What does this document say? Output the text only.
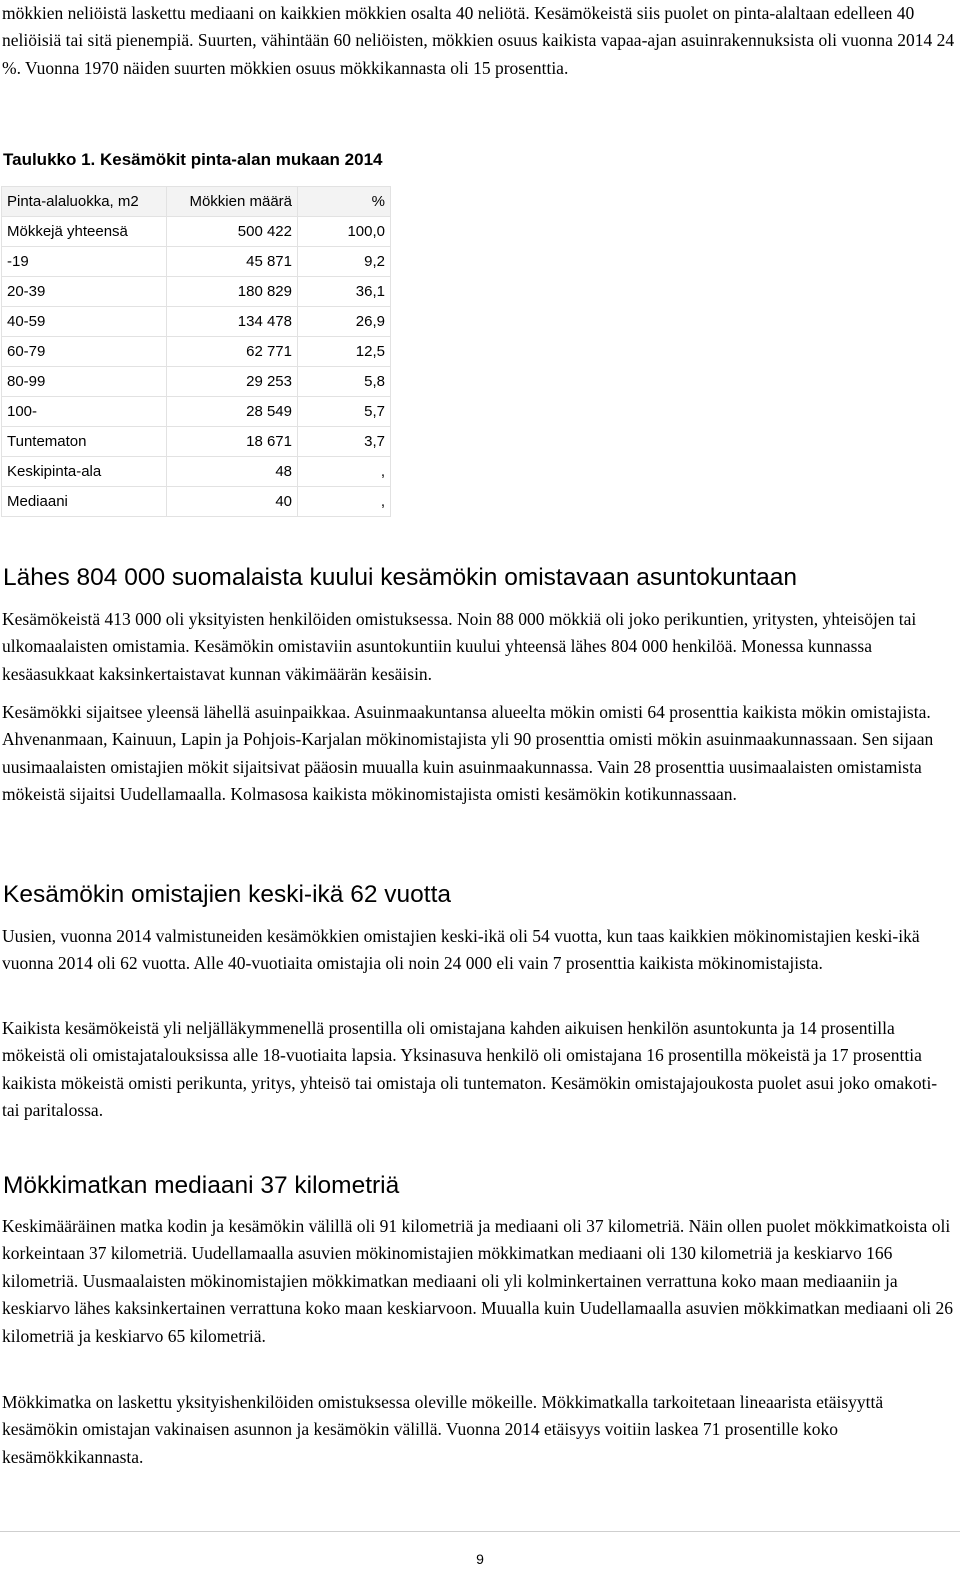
mökkien neliöistä laskettu mediaani on kaikkien mökkien osalta 40 neliötä. Kesämökeistä siis puolet on pinta-alaltaan edelleen 40 neliöisiä tai sitä pienempiä. Suurten, vähintään 60 neliöisten, mökkien osuus kaikista vapaa-ajan asuinrakennuksista oli vuonna 2014 24 %. Vuonna 1970 näiden suurten mökkien osuus mökkikannasta oli 15 prosenttia.

Taulukko 1. Kesämökit pinta-alan mukaan 2014

Pinta-alaluokka, m2	Mökkien määrä	%
Mökkejä yhteensä	500 422	100,0
-19	45 871	9,2
20-39	180 829	36,1
40-59	134 478	26,9
60-79	62 771	12,5
80-99	29 253	5,8
100-	28 549	5,7
Tuntematon	18 671	3,7
Keskipinta-ala	48	,
Mediaani	40	,
Lähes 804 000 suomalaista kuului kesämökin omistavaan asuntokuntaan

Kesämökeistä 413 000 oli yksityisten henkilöiden omistuksessa. Noin 88 000 mökkiä oli joko perikuntien, yritysten, yhteisöjen tai ulkomaalaisten omistamia. Kesämökin omistaviin asuntokuntiin kuului yhteensä lähes 804 000 henkilöä. Monessa kunnassa kesäasukkaat kaksinkertaistavat kunnan väkimäärän kesäisin.

Kesämökki sijaitsee yleensä lähellä asuinpaikkaa. Asuinmaakuntansa alueelta mökin omisti 64 prosenttia kaikista mökin omistajista. Ahvenanmaan, Kainuun, Lapin ja Pohjois-Karjalan mökinomistajista yli 90 prosenttia omisti mökin asuinmaakunnassaan. Sen sijaan uusimaalaisten omistajien mökit sijaitsivat pääosin muualla kuin asuinmaakunnassa. Vain 28 prosenttia uusimaalaisten omistamista mökeistä sijaitsi Uudellamaalla. Kolmasosa kaikista mökinomistajista omisti kesämökin kotikunnassaan.

Kesämökin omistajien keski-ikä 62 vuotta

Uusien, vuonna 2014 valmistuneiden kesämökkien omistajien keski-ikä oli 54 vuotta, kun taas kaikkien mökinomistajien keski-ikä vuonna 2014 oli 62 vuotta. Alle 40-vuotiaita omistajia oli noin 24 000 eli vain 7 prosenttia kaikista mökinomistajista.

Kaikista kesämökeistä yli neljälläkymmenellä prosentilla oli omistajana kahden aikuisen henkilön asuntokunta ja 14 prosentilla mökeistä oli omistajatalouksissa alle 18-vuotiaita lapsia. Yksinasuva henkilö oli omistajana 16 prosentilla mökeistä ja 17 prosenttia kaikista mökeistä omisti perikunta, yritys, yhteisö tai omistaja oli tuntematon. Kesämökin omistajajoukosta puolet asui joko omakoti- tai paritalossa.

Mökkimatkan mediaani 37 kilometriä

Keskimääräinen matka kodin ja kesämökin välillä oli 91 kilometriä ja mediaani oli 37 kilometriä. Näin ollen puolet mökkimatkoista oli korkeintaan 37 kilometriä. Uudellamaalla asuvien mökinomistajien mökkimatkan mediaani oli 130 kilometriä ja keskiarvo 166 kilometriä. Uusmaalaisten mökinomistajien mökkimatkan mediaani oli yli kolminkertainen verrattuna koko maan mediaaniin ja keskiarvo lähes kaksinkertainen verrattuna koko maan keskiarvoon. Muualla kuin Uudellamaalla asuvien mökkimatkan mediaani oli 26 kilometriä ja keskiarvo 65 kilometriä.

Mökkimatka on laskettu yksityishenkilöiden omistuksessa oleville mökeille. Mökkimatkalla tarkoitetaan lineaarista etäisyyttä kesämökin omistajan vakinaisen asunnon ja kesämökin välillä. Vuonna 2014 etäisyys voitiin laskea 71 prosentille koko kesämökkikannasta.

9
